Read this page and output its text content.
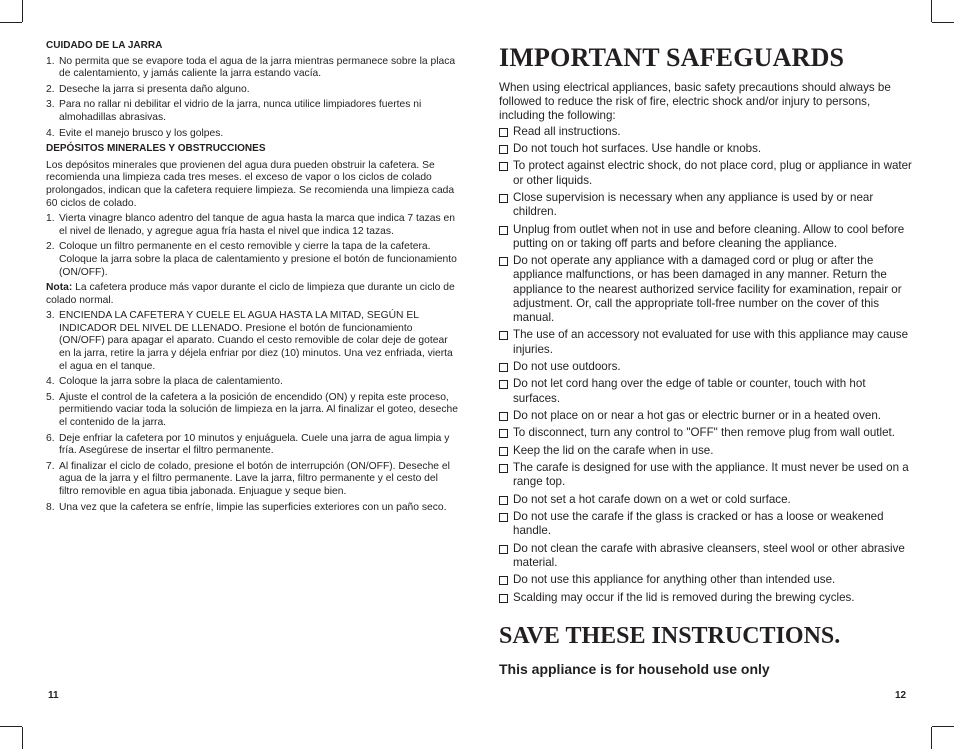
CUIDADO DE LA JARRA

1. No permita que se evapore toda el agua de la jarra mientras permanece sobre la placa de calentamiento, y jamás caliente la jarra estando vacía.
2. Deseche la jarra si presenta daño alguno.
3. Para no rallar ni debilitar el vidrio de la jarra, nunca utilice limpiadores fuertes ni almohadillas abrasivas.
4. Evite el manejo brusco y los golpes.

DEPÓSITOS MINERALES Y OBSTRUCCIONES

Los depósitos minerales que provienen del agua dura pueden obstruir la cafetera. Se recomienda una limpieza cada tres meses. el exceso de vapor o los ciclos de colado prolongados, indican que la cafetera requiere limpieza. Se recomienda una limpieza cada 60 ciclos de colado.

1. Vierta vinagre blanco adentro del tanque de agua hasta la marca que indica 7 tazas en el nivel de llenado, y agregue agua fría hasta el nivel que indica 12 tazas.
2. Coloque un filtro permanente en el cesto removible y cierre la tapa de la cafetera. Coloque la jarra sobre la placa de calentamiento y presione el botón de funcionamiento (ON/OFF).

Nota: La cafetera produce más vapor durante el ciclo de limpieza que durante un ciclo de colado normal.

3. ENCIENDA LA CAFETERA Y CUELE EL AGUA HASTA LA MITAD, SEGÚN EL INDICADOR DEL NIVEL DE LLENADO. Presione el botón de funcionamiento (ON/OFF) para apagar el aparato. Cuando el cesto removible de colar deje de gotear en la jarra, retire la jarra y déjela enfriar por diez (10) minutos. Una vez enfriada, vierta el agua en el tanque.
4. Coloque la jarra sobre la placa de calentamiento.
5. Ajuste el control de la cafetera a la posición de encendido (ON) y repita este proceso, permitiendo vaciar toda la solución de limpieza en la jarra. Al finalizar el goteo, deseche el contenido de la jarra.
6. Deje enfriar la cafetera por 10 minutos y enjuáguela. Cuele una jarra de agua limpia y fría. Asegúrese de insertar el filtro permanente.
7. Al finalizar el ciclo de colado, presione el botón de interrupción (ON/OFF). Deseche el agua de la jarra y el filtro permanente. Lave la jarra, filtro permanente y el cesto del filtro removible en agua tibia jabonada. Enjuague y seque bien.
8. Una vez que la cafetera se enfríe, limpie las superficies exteriores con un paño seco.
11
IMPORTANT SAFEGUARDS

When using electrical appliances, basic safety precautions should always be followed to reduce the risk of fire, electric shock and/or injury to persons, including the following:

Read all instructions.
Do not touch hot surfaces. Use handle or knobs.
To protect against electric shock, do not place cord, plug or appliance in water or other liquids.
Close supervision is necessary when any appliance is used by or near children.
Unplug from outlet when not in use and before cleaning. Allow to cool before putting on or taking off parts and before cleaning the appliance.
Do not operate any appliance with a damaged cord or plug or after the appliance malfunctions, or has been damaged in any manner. Return the appliance to the nearest authorized service facility for examination, repair or adjustment. Or, call the appropriate toll-free number on the cover of this manual.
The use of an accessory not evaluated for use with this appliance may cause injuries.
Do not use outdoors.
Do not let cord hang over the edge of table or counter, touch with hot surfaces.
Do not place on or near a hot gas or electric burner or in a heated oven.
To disconnect, turn any control to "OFF" then remove plug from wall outlet.
Keep the lid on the carafe when in use.
The carafe is designed for use with the appliance. It must never be used on a range top.
Do not set a hot carafe down on a wet or cold surface.
Do not use the carafe if the glass is cracked or has a loose or weakened handle.
Do not clean the carafe with abrasive cleansers, steel wool or other abrasive material.
Do not use this appliance for anything other than intended use.
Scalding may occur if the lid is removed during the brewing cycles.
SAVE THESE INSTRUCTIONS.

This appliance is for household use only

12
